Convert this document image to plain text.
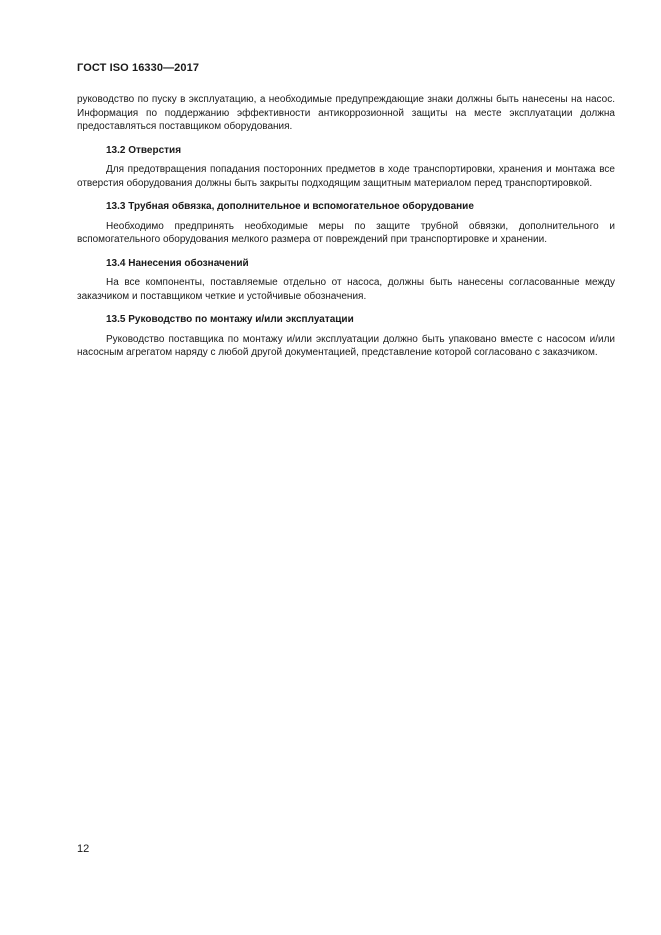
ГОСТ ISO 16330—2017

руководство по пуску в эксплуатацию, а необходимые предупреждающие знаки должны быть нанесены на насос. Информация по поддержанию эффективности антикоррозионной защиты на месте эксплуатации должна предоставляться поставщиком оборудования.

13.2 Отверстия

Для предотвращения попадания посторонних предметов в ходе транспортировки, хранения и монтажа все отверстия оборудования должны быть закрыты подходящим защитным материалом перед транспортировкой.

13.3 Трубная обвязка, дополнительное и вспомогательное оборудование

Необходимо предпринять необходимые меры по защите трубной обвязки, дополнительного и вспомогательного оборудования мелкого размера от повреждений при транспортировке и хранении.

13.4 Нанесения обозначений

На все компоненты, поставляемые отдельно от насоса, должны быть нанесены согласованные между заказчиком и поставщиком четкие и устойчивые обозначения.

13.5 Руководство по монтажу и/или эксплуатации

Руководство поставщика по монтажу и/или эксплуатации должно быть упаковано вместе с насосом и/или насосным агрегатом наряду с любой другой документацией, представление которой согласовано с заказчиком.

12
